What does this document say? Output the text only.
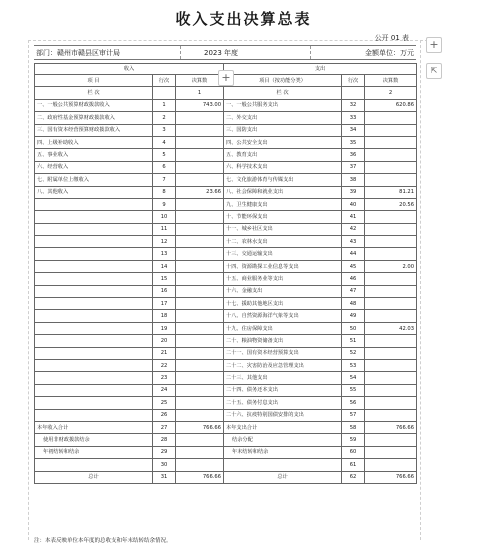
收入支出决算总表
公开 01 表
部门：赣州市赣县区审计局	2023 年度	金额单位：万元
收入			支出		
项 目	行次	决算数	项目（按功能分类）	行次	决算数
栏 次		1	栏 次		2
一、一般公共预算财政拨款收入	1	743.00	一、一般公共服务支出	32	620.86
二、政府性基金预算财政拨款收入	2		二、外交支出	33	
三、国有资本经营预算财政拨款收入	3		三、国防支出	34	
四、上级补助收入	4		四、公共安全支出	35	
五、事业收入	5		五、教育支出	36	
六、经营收入	6		六、科学技术支出	37	
七、附属单位上缴收入	7		七、文化旅游体育与传媒支出	38	
八、其他收入	8	23.66	八、社会保障和就业支出	39	81.21
	9		九、卫生健康支出	40	20.56
	10		十、节能环保支出	41	
	11		十一、城乡社区支出	42	
	12		十二、农林水支出	43	
	13		十三、交通运输支出	44	
	14		十四、资源勘探工业信息等支出	45	2.00
	15		十五、商业服务业等支出	46	
	16		十六、金融支出	47	
	17		十七、援助其他地区支出	48	
	18		十八、自然资源海洋气象等支出	49	
	19		十九、住房保障支出	50	42.03
	20		二十、粮油物资储备支出	51	
	21		二十一、国有资本经营预算支出	52	
	22		二十二、灾害防治及应急管理支出	53	
	23		二十三、其他支出	54	
	24		二十四、债务还本支出	55	
	25		二十五、债务付息支出	56	
	26		二十六、抗疫特别国债安排的支出	57	
本年收入合计	27	766.66	本年支出合计	58	766.66
使用非财政拨款结余	28		结余分配	59	
年初结转和结余	29		年末结转和结余	60	
	30			61	
总计	31	766.66	总计	62	766.66
+
+
⇱
注：本表反映单位本年度的总收支和年末结转结余情况。
